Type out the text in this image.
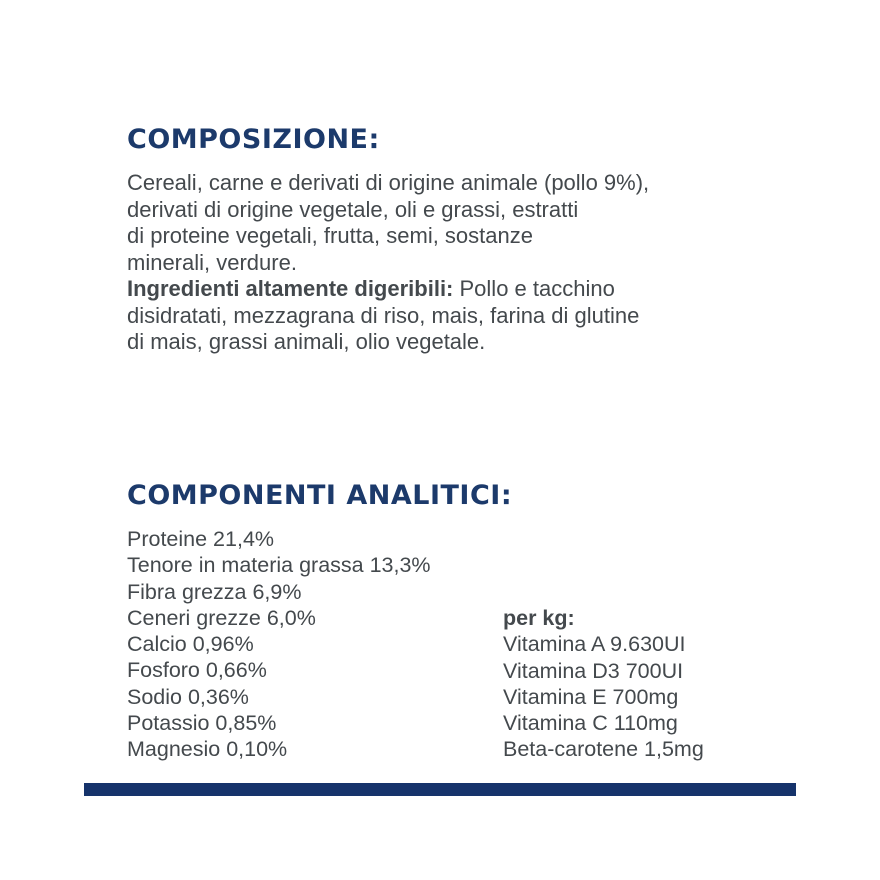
COMPOSIZIONE:
Cereali, carne e derivati di origine animale (pollo 9%),
derivati di origine vegetale, oli e grassi, estratti
di proteine vegetali, frutta, semi, sostanze
minerali, verdure.
Ingredienti altamente digeribili: Pollo e tacchino
disidratati, mezzagrana di riso, mais, farina di glutine
di mais, grassi animali, olio vegetale.
COMPONENTI ANALITICI:
Proteine 21,4%
Tenore in materia grassa 13,3%
Fibra grezza 6,9%
Ceneri grezze 6,0%
Calcio 0,96%
Fosforo 0,66%
Sodio 0,36%
Potassio 0,85%
Magnesio 0,10%
per kg:
Vitamina A 9.630UI
Vitamina D3 700UI
Vitamina E 700mg
Vitamina C 110mg
Beta-carotene 1,5mg
